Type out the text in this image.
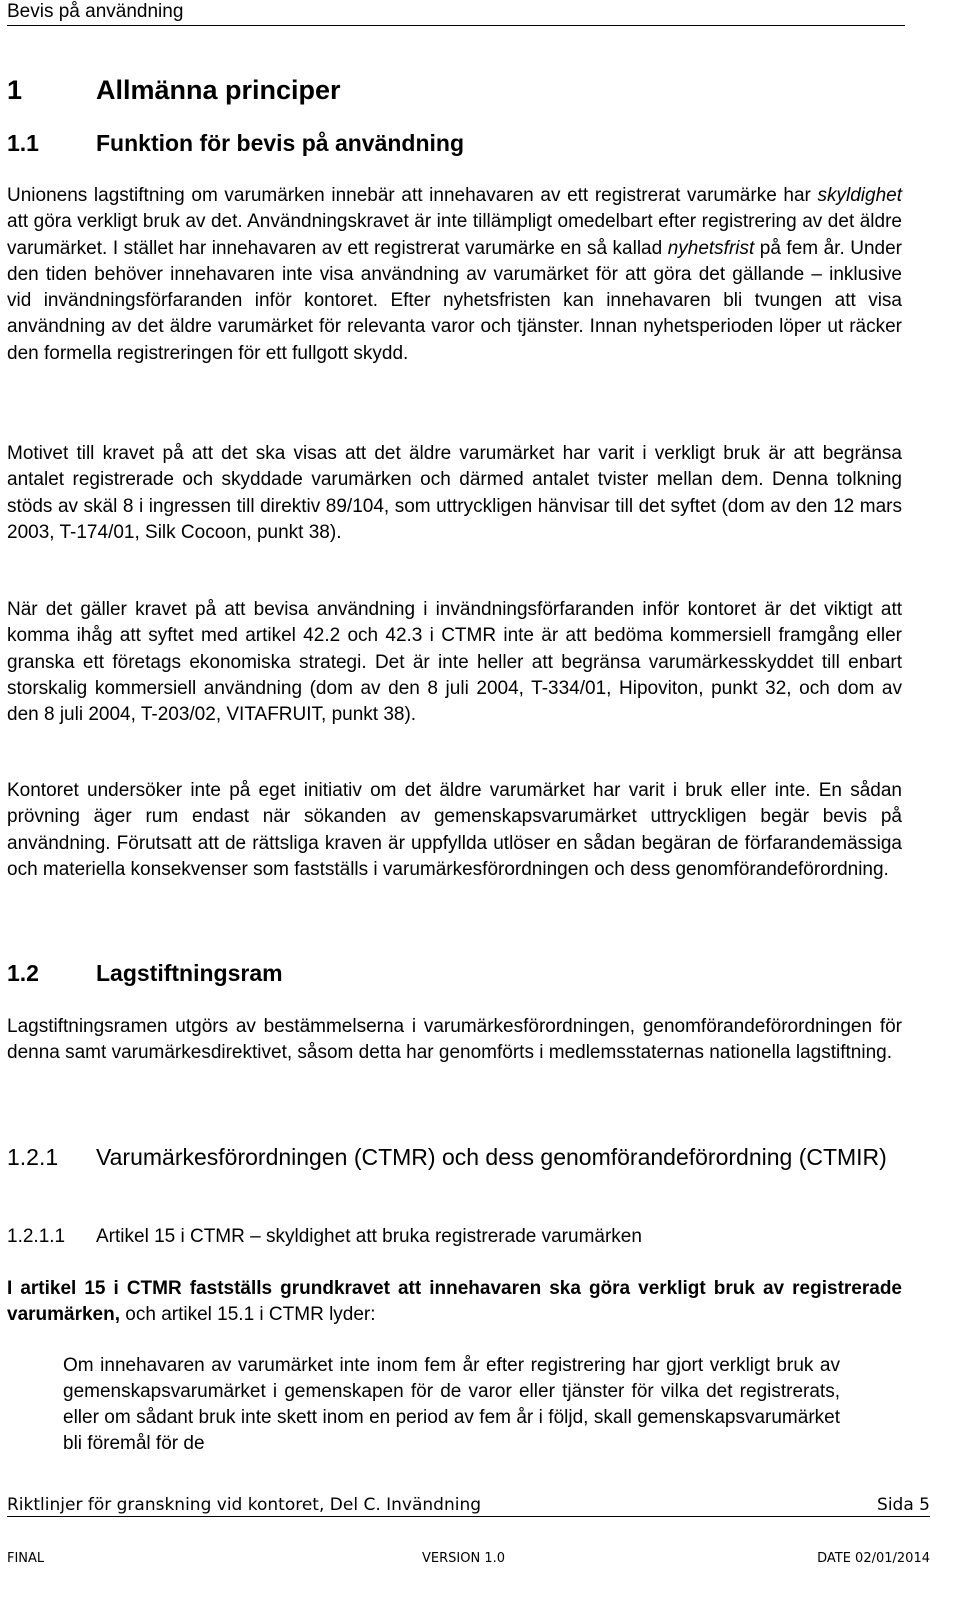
Bevis på användning
1	Allmänna principer
1.1 Funktion för bevis på användning
Unionens lagstiftning om varumärken innebär att innehavaren av ett registrerat varumärke har skyldighet att göra verkligt bruk av det. Användningskravet är inte tillämpligt omedelbart efter registrering av det äldre varumärket. I stället har innehavaren av ett registrerat varumärke en så kallad nyhetsfrist på fem år. Under den tiden behöver innehavaren inte visa användning av varumärket för att göra det gällande – inklusive vid invändningsförfaranden inför kontoret. Efter nyhetsfristen kan innehavaren bli tvungen att visa användning av det äldre varumärket för relevanta varor och tjänster. Innan nyhetsperioden löper ut räcker den formella registreringen för ett fullgott skydd.
Motivet till kravet på att det ska visas att det äldre varumärket har varit i verkligt bruk är att begränsa antalet registrerade och skyddade varumärken och därmed antalet tvister mellan dem. Denna tolkning stöds av skäl 8 i ingressen till direktiv 89/104, som uttryckligen hänvisar till det syftet (dom av den 12 mars 2003, T-174/01, Silk Cocoon, punkt 38).
När det gäller kravet på att bevisa användning i invändningsförfaranden inför kontoret är det viktigt att komma ihåg att syftet med artikel 42.2 och 42.3 i CTMR inte är att bedöma kommersiell framgång eller granska ett företags ekonomiska strategi. Det är inte heller att begränsa varumärkesskyddet till enbart storskalig kommersiell användning (dom av den 8 juli 2004, T-334/01, Hipoviton, punkt 32, och dom av den 8 juli 2004, T-203/02, VITAFRUIT, punkt 38).
Kontoret undersöker inte på eget initiativ om det äldre varumärket har varit i bruk eller inte. En sådan prövning äger rum endast när sökanden av gemenskapsvarumärket uttryckligen begär bevis på användning. Förutsatt att de rättsliga kraven är uppfyllda utlöser en sådan begäran de förfarandemässiga och materiella konsekvenser som fastställs i varumärkesförordningen och dess genomförandeförordning.
1.2 Lagstiftningsram
Lagstiftningsramen utgörs av bestämmelserna i varumärkesförordningen, genomförandeförordningen för denna samt varumärkesdirektivet, såsom detta har genomförts i medlemsstaternas nationella lagstiftning.
1.2.1 Varumärkesförordningen (CTMR) och dess genomförandeförordning (CTMIR)
1.2.1.1 Artikel 15 i CTMR – skyldighet att bruka registrerade varumärken
I artikel 15 i CTMR fastställs grundkravet att innehavaren ska göra verkligt bruk av registrerade varumärken, och artikel 15.1 i CTMR lyder:
Om innehavaren av varumärket inte inom fem år efter registrering har gjort verkligt bruk av gemenskapsvarumärket i gemenskapen för de varor eller tjänster för vilka det registrerats, eller om sådant bruk inte skett inom en period av fem år i följd, skall gemenskapsvarumärket bli föremål för de
Riktlinjer för granskning vid kontoret, Del C. Invändning	Sida 5
FINAL	VERSION 1.0	DATE 02/01/2014
